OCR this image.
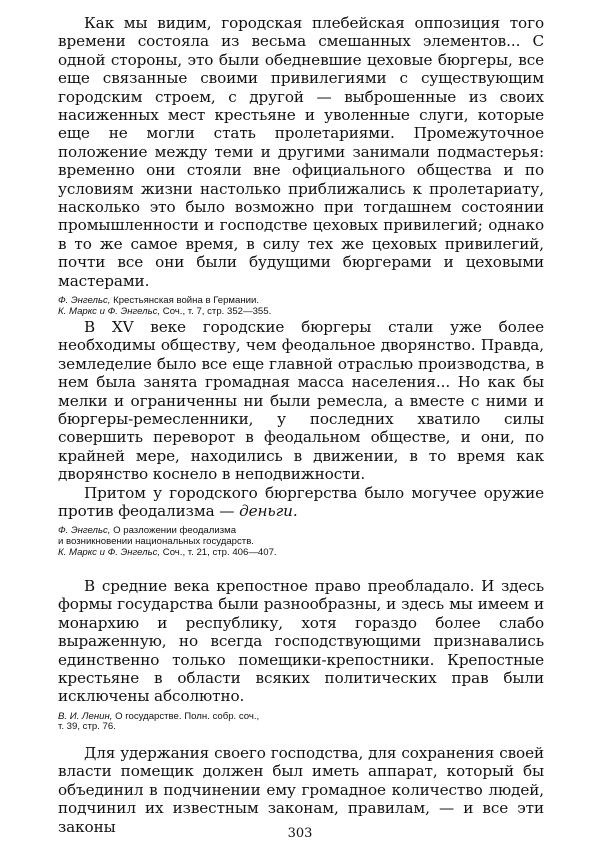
Как мы видим, городская плебейская оппозиция того времени состояла из весьма смешанных элементов... С одной стороны, это были обедневшие цеховые бюргеры, все еще связанные своими привилегиями с существующим городским строем, с другой — выброшенные из своих насиженных мест крестьяне и уволенные слуги, которые еще не могли стать пролетариями. Промежуточное положение между теми и другими занимали подмастерья: временно они стояли вне официального общества и по условиям жизни настолько приближались к пролетариату, насколько это было возможно при тогдашнем состоянии промышленности и господстве цеховых привилегий; однако в то же самое время, в силу тех же цеховых привилегий, почти все они были будущими бюргерами и цеховыми мастерами.

Ф. Энгельс, Крестьянская война в Германии.
К. Маркс и Ф. Энгельс, Соч., т. 7, стр. 352—355.

В XV веке городские бюргеры стали уже более необходимы обществу, чем феодальное дворянство. Правда, земледелие было все еще главной отраслью производства, в нем была занята громадная масса населения... Но как бы мелки и ограниченны ни были ремесла, а вместе с ними и бюргеры-ремесленники, у последних хватило силы совершить переворот в феодальном обществе, и они, по крайней мере, находились в движении, в то время как дворянство коснело в неподвижности.

Притом у городского бюргерства было могучее оружие против феодализма — деньги.

Ф. Энгельс, О разложении феодализма
и возникновении национальных государств.
К. Маркс и Ф. Энгельс, Соч., т. 21, стр. 406—407.

В средние века крепостное право преобладало. И здесь формы государства были разнообразны, и здесь мы имеем и монархию и республику, хотя гораздо более слабо выраженную, но всегда господствующими признавались единственно только помещики-крепостники. Крепостные крестьяне в области всяких политических прав были исключены абсолютно.

В. И. Ленин, О государстве. Полн. собр. соч.,
т. 39, стр. 76.

Для удержания своего господства, для сохранения своей власти помещик должен был иметь аппарат, который бы объединил в подчинении ему громадное количество людей, подчинил их известным законам, правилам, — и все эти законы	303
